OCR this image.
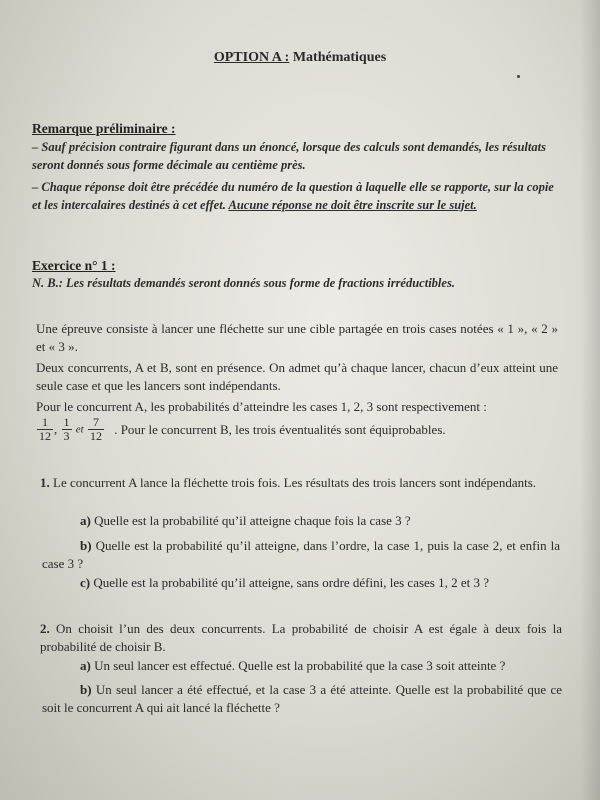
OPTION A : Mathématiques
Remarque préliminaire :
– Sauf précision contraire figurant dans un énoncé, lorsque des calculs sont demandés, les résultats seront donnés sous forme décimale au centième près.
– Chaque réponse doit être précédée du numéro de la question à laquelle elle se rapporte, sur la copie et les intercalaires destinés à cet effet. Aucune réponse ne doit être inscrite sur le sujet.
Exercice n° 1 :
N. B.: Les résultats demandés seront donnés sous forme de fractions irréductibles.
Une épreuve consiste à lancer une fléchette sur une cible partagée en trois cases notées « 1 », « 2 » et « 3 ».
Deux concurrents, A et B, sont en présence. On admet qu’à chaque lancer, chacun d’eux atteint une seule case et que les lancers sont indépendants.
Pour le concurrent A, les probabilités d’atteindre les cases 1, 2, 3 sont respectivement :
$\frac{1}{12}$ , $\frac{1}{3}$ et $\frac{7}{12}$ . Pour le concurrent B, les trois éventualités sont équiprobables.
1. Le concurrent A lance la fléchette trois fois. Les résultats des trois lancers sont indépendants.
a) Quelle est la probabilité qu’il atteigne chaque fois la case 3 ?
b) Quelle est la probabilité qu’il atteigne, dans l’ordre, la case 1, puis la case 2, et enfin la case 3 ?
c) Quelle est la probabilité qu’il atteigne, sans ordre défini, les cases 1, 2 et 3 ?
2. On choisit l’un des deux concurrents. La probabilité de choisir A est égale à deux fois la probabilité de choisir B.
a) Un seul lancer est effectué. Quelle est la probabilité que la case 3 soit atteinte ?
b) Un seul lancer a été effectué, et la case 3 a été atteinte. Quelle est la probabilité que ce soit le concurrent A qui ait lancé la fléchette ?
